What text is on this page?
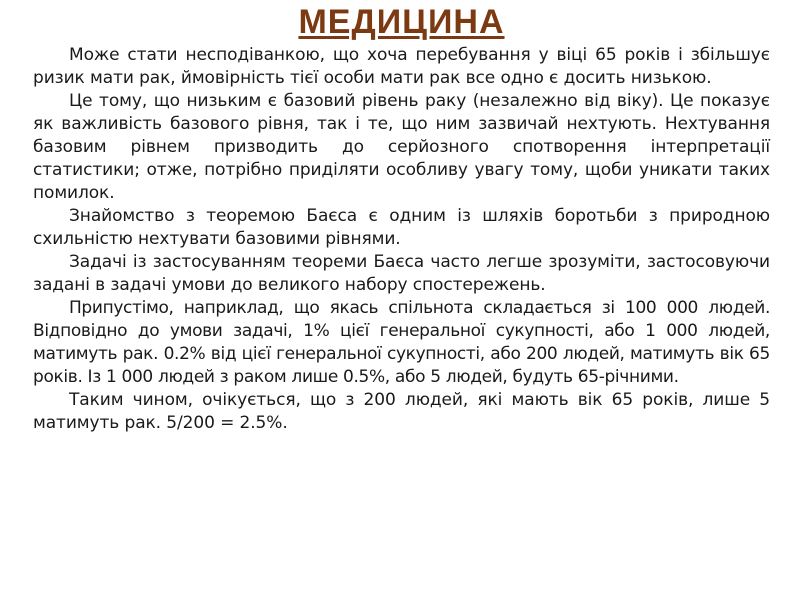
МЕДИЦИНА

Може стати несподіванкою, що хоча перебування у віці 65 років і збільшує ризик мати рак, ймовірність тієї особи мати рак все одно є досить низькою.

Це тому, що низьким є базовий рівень раку (незалежно від віку). Це показує як важливість базового рівня, так і те, що ним зазвичай нехтують. Нехтування базовим рівнем призводить до серйозного спотворення інтерпретації статистики; отже, потрібно приділяти особливу увагу тому, щоби уникати таких помилок.

Знайомство з теоремою Баєса є одним із шляхів боротьби з природною схильністю нехтувати базовими рівнями.

Задачі із застосуванням теореми Баєса часто легше зрозуміти, застосовуючи задані в задачі умови до великого набору спостережень.

Припустімо, наприклад, що якась спільнота складається зі 100 000 людей. Відповідно до умови задачі, 1% цієї генеральної сукупності, або 1 000 людей, матимуть рак. 0.2% від цієї генеральної сукупності, або 200 людей, матимуть вік 65 років. Із 1 000 людей з раком лише 0.5%, або 5 людей, будуть 65-річними.

Таким чином, очікується, що з 200 людей, які мають вік 65 років, лише 5 матимуть рак. 5/200 = 2.5%.
